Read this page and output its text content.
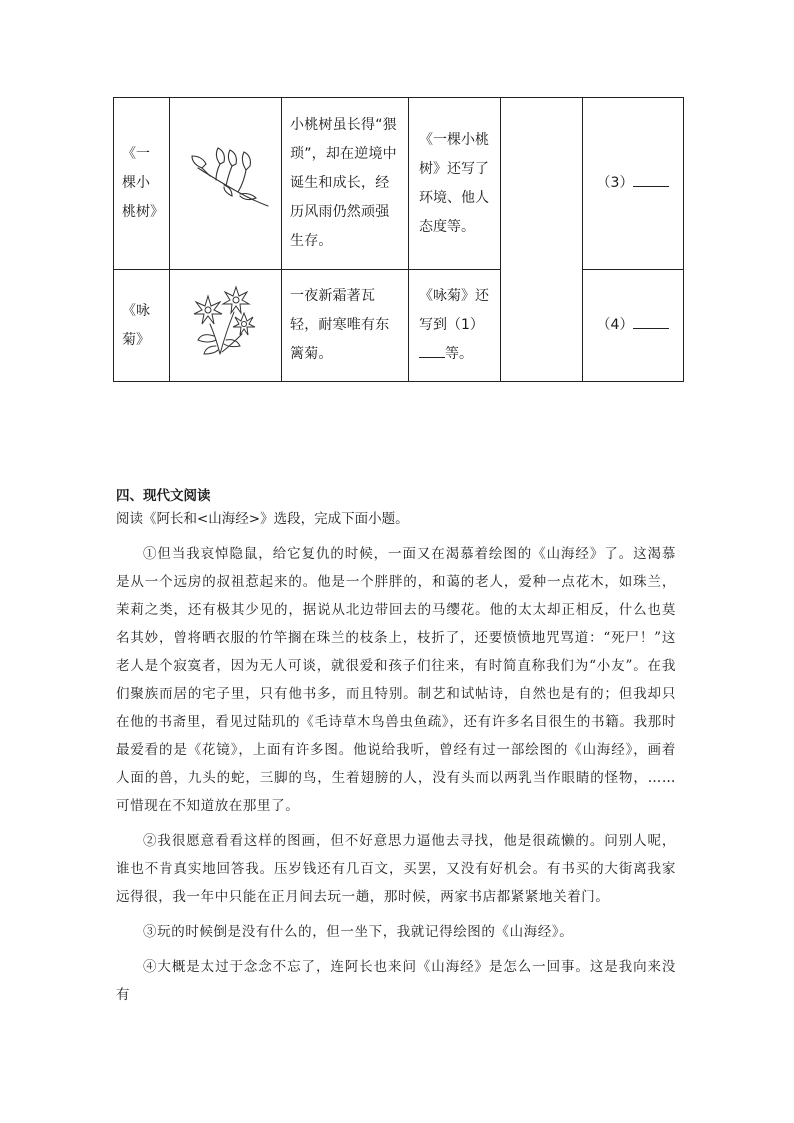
《一棵小桃树》		小桃树虽长得“猥琐”，却在逆境中诞生和成长，经历风雨仍然顽强生存。	《一棵小桃树》还写了环境、他人态度等。		（3）
《咏菊》		一夜新霜著瓦轻，耐寒唯有东篱菊。	《咏菊》还写到（1）等。		（4）
四、现代文阅读

阅读《阿长和<山海经>》选段，完成下面小题。

①但当我哀悼隐鼠，给它复仇的时候，一面又在渴慕着绘图的《山海经》了。这渴慕是从一个远房的叔祖惹起来的。他是一个胖胖的，和蔼的老人，爱种一点花木，如珠兰，茉莉之类，还有极其少见的，据说从北边带回去的马缨花。他的太太却正相反，什么也莫名其妙，曾将晒衣服的竹竿搁在珠兰的枝条上，枝折了，还要愤愤地咒骂道：“死尸！”这老人是个寂寞者，因为无人可谈，就很爱和孩子们往来，有时简直称我们为“小友”。在我们聚族而居的宅子里，只有他书多，而且特别。制艺和试帖诗，自然也是有的；但我却只在他的书斋里，看见过陆玑的《毛诗草木鸟兽虫鱼疏》，还有许多名目很生的书籍。我那时最爱看的是《花镜》，上面有许多图。他说给我听，曾经有过一部绘图的《山海经》，画着人面的兽，九头的蛇，三脚的鸟，生着翅膀的人，没有头而以两乳当作眼睛的怪物，……可惜现在不知道放在那里了。

②我很愿意看看这样的图画，但不好意思力逼他去寻找，他是很疏懒的。问别人呢，谁也不肯真实地回答我。压岁钱还有几百文，买罢，又没有好机会。有书买的大街离我家远得很，我一年中只能在正月间去玩一趟，那时候，两家书店都紧紧地关着门。

③玩的时候倒是没有什么的，但一坐下，我就记得绘图的《山海经》。

④大概是太过于念念不忘了，连阿长也来问《山海经》是怎么一回事。这是我向来没有
